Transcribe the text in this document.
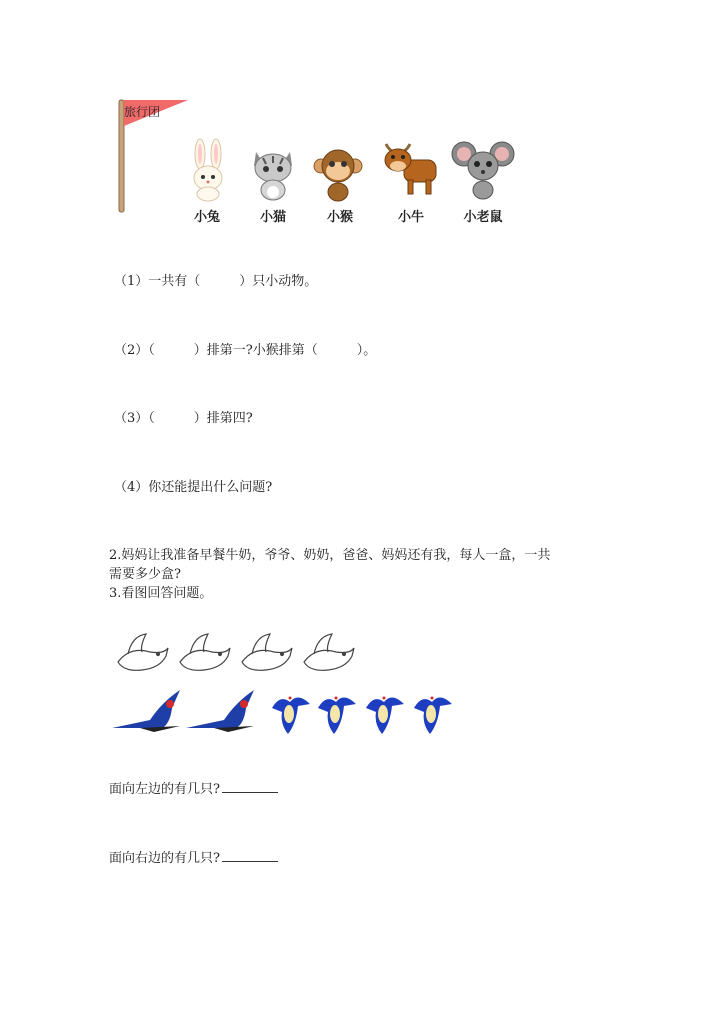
旅行团
小兔	小猫	小猴	小牛	小老鼠
（1）一共有（　　　）只小动物。
（2）（　　　）排第一?小猴排第（　　　）。
（3）（　　　）排第四?
（4）你还能提出什么问题?
2.妈妈让我准备早餐牛奶，爷爷、奶奶，爸爸、妈妈还有我，每人一盒，一共
需要多少盒?
3.看图回答问题。
面向左边的有几只?
面向右边的有几只?
